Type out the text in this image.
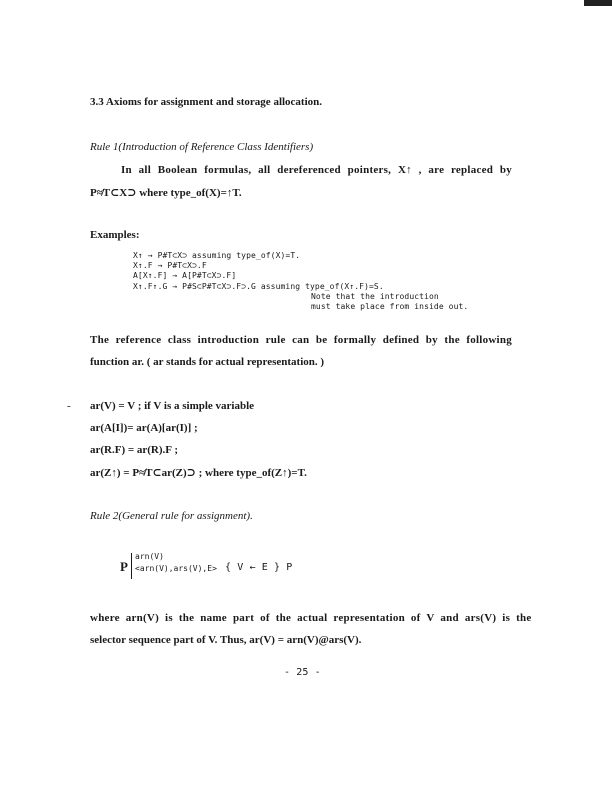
3.3 Axioms for assignment and storage allocation.
Rule 1(Introduction of Reference Class Identifiers)
In all Boolean formulas, all dereferenced pointers, X↑ , are replaced by
P≉T⊂X⊃ where type_of(X)=↑T.
Examples:
X↑ → P#T⊂X⊃ assuming type_of(X)=T.
X↑.F → P#T⊂X⊃.F
A[X↑.F] → A[P#T⊂X⊃.F]
X↑.F↑.G → P#S⊂P#T⊂X⊃.F⊃.G assuming type_of(X↑.F)=S.
Note that the introduction
must take place from inside out.
The reference class introduction rule can be formally defined by the following
function ar. ( ar stands for actual representation. )
- ar(V) = V ; if V is a simple variable
ar(A[I])= ar(A)[ar(I)] ;
ar(R.F) = ar(R).F ;
ar(Z↑) = P≉T⊂ar(Z)⊃ ; where type_of(Z↑)=T.
Rule 2(General rule for assignment).
P
arn(V)
<arn(V),ars(V),E> { V ← E } P
where arn(V) is the name part of the actual representation of V and ars(V) is the
selector sequence part of V. Thus, ar(V) = arn(V)@ars(V).
- 25 -
